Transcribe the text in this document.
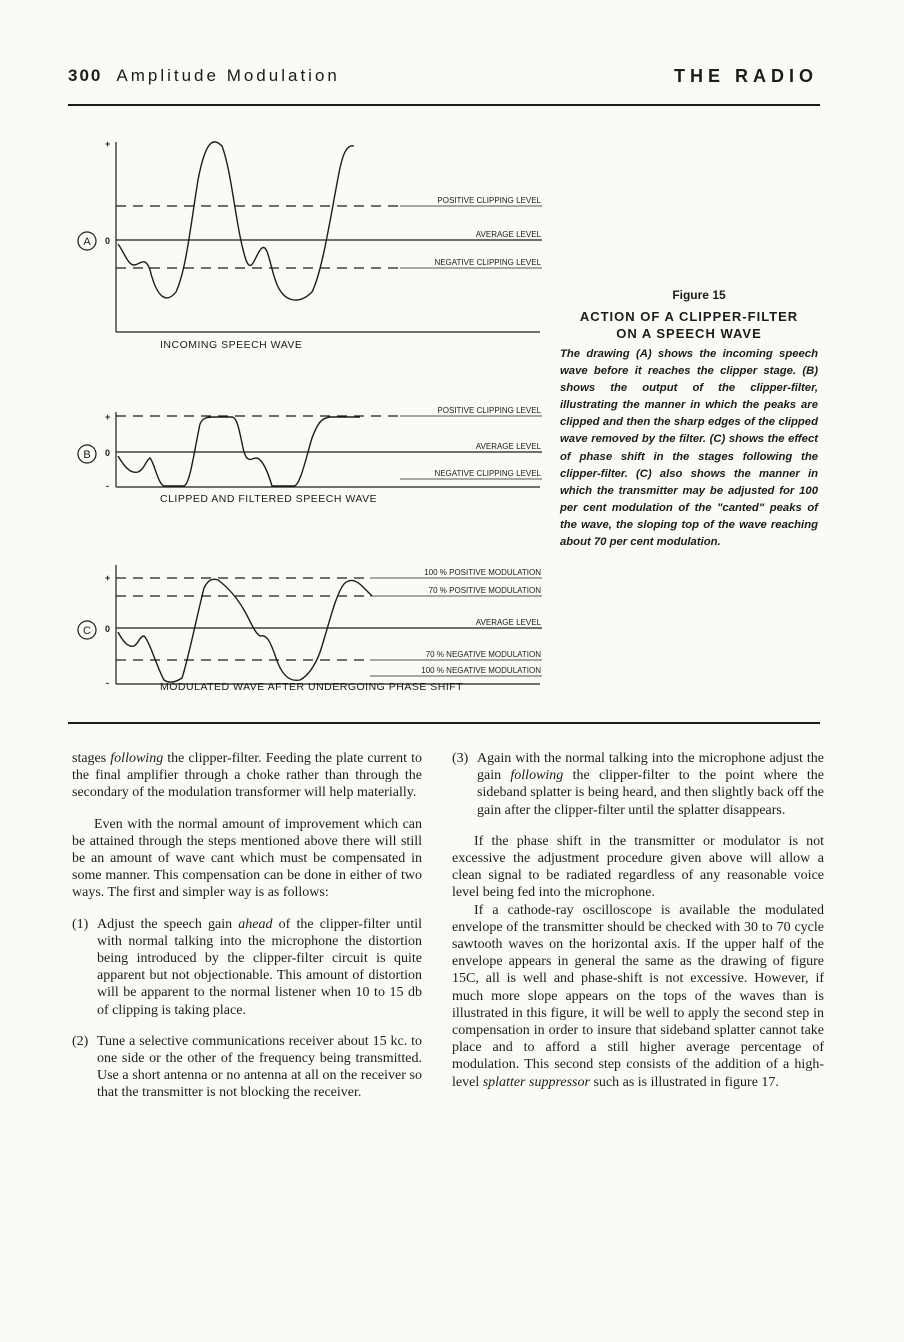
300 Amplitude Modulation	THE RADIO
POSITIVE CLIPPING LEVEL
AVERAGE LEVEL
NEGATIVE CLIPPING LEVEL
+
0
A
INCOMING SPEECH WAVE
POSITIVE CLIPPING LEVEL
AVERAGE LEVEL
NEGATIVE CLIPPING LEVEL
+
0
-
B
CLIPPED AND FILTERED SPEECH WAVE
100 % POSITIVE MODULATION
70 % POSITIVE MODULATION
AVERAGE LEVEL
70 % NEGATIVE MODULATION
100 % NEGATIVE MODULATION
+
0
-
C
MODULATED WAVE AFTER UNDERGOING PHASE SHIFT
Figure 15
ACTION OF A CLIPPER-FILTER
ON A SPEECH WAVE
The drawing (A) shows the incoming speech wave before it reaches the clipper stage. (B) shows the output of the clipper-filter, illustrating the manner in which the peaks are clipped and then the sharp edges of the clipped wave removed by the filter. (C) shows the effect of phase shift in the stages following the clipper-filter. (C) also shows the manner in which the transmitter may be adjusted for 100 per cent modulation of the "canted" peaks of the wave, the sloping top of the wave reaching about 70 per cent modulation.

stages following the clipper-filter. Feeding the plate current to the final amplifier through a choke rather than through the secondary of the modulation transformer will help materially.

Even with the normal amount of improvement which can be attained through the steps mentioned above there will still be an amount of wave cant which must be compensated in some manner. This compensation can be done in either of two ways. The first and simpler way is as follows:

(1) Adjust the speech gain ahead of the clipper-filter until with normal talking into the microphone the distortion being introduced by the clipper-filter circuit is quite apparent but not objectionable. This amount of distortion will be apparent to the normal listener when 10 to 15 db of clipping is taking place.
(2) Tune a selective communications receiver about 15 kc. to one side or the other of the frequency being transmitted. Use a short antenna or no antenna at all on the receiver so that the transmitter is not blocking the receiver.
(3) Again with the normal talking into the microphone adjust the gain following the clipper-filter to the point where the sideband splatter is being heard, and then slightly back off the gain after the clipper-filter until the splatter disappears.

If the phase shift in the transmitter or modulator is not excessive the adjustment procedure given above will allow a clean signal to be radiated regardless of any reasonable voice level being fed into the microphone.

If a cathode-ray oscilloscope is available the modulated envelope of the transmitter should be checked with 30 to 70 cycle sawtooth waves on the horizontal axis. If the upper half of the envelope appears in general the same as the drawing of figure 15C, all is well and phase-shift is not excessive. However, if much more slope appears on the tops of the waves than is illustrated in this figure, it will be well to apply the second step in compensation in order to insure that sideband splatter cannot take place and to afford a still higher average percentage of modulation. This second step consists of the addition of a high-level splatter suppressor such as is illustrated in figure 17.
